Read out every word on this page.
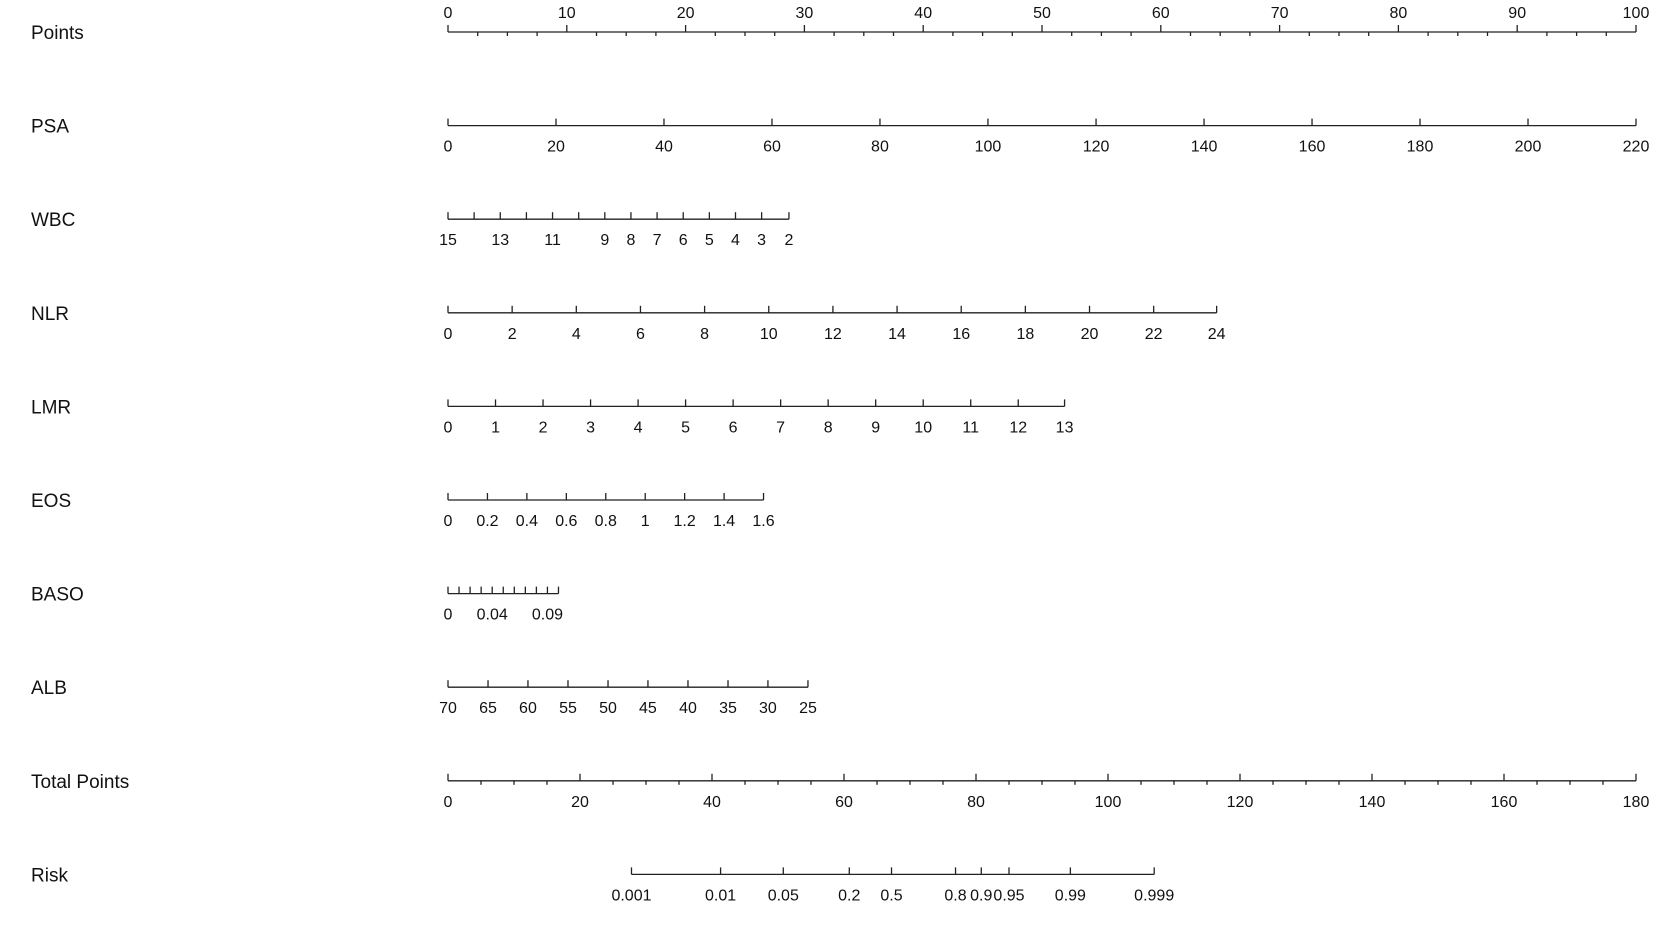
Points
0	10	20	30	40	50	60	70	80	90	100
PSA
0	20	40	60	80	100	120	140	160	180	200	220
WBC
15 13 11 9 8 7 6 5 4 3 2
NLR
0	2	4	6	8	10	12	14	16	18	20	22	24
LMR
0 1 2 3 4 5 6 7 8 9 10 11 12 13
EOS
0 0.2 0.4 0.6 0.8 1 1.2 1.4 1.6
BASO
0 0.04 0.09
ALB
70 65 60 55 50 45 40 35 30 25
Total Points
0	20	40	60	80	100	120	140	160	180
Risk
0.001	0.01 0.05 0.2 0.5	0.8 0.9 0.95 0.99	0.999
